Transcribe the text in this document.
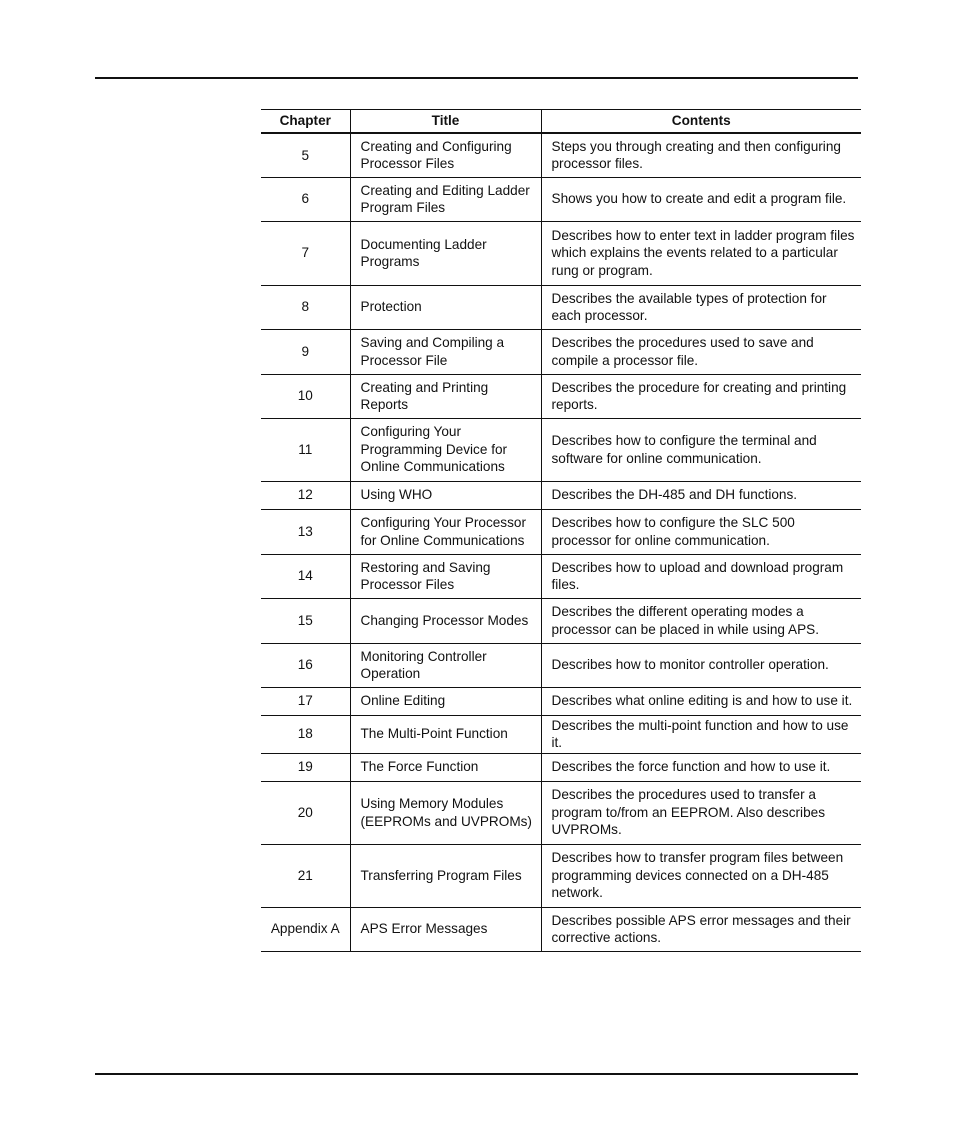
Chapter	Title	Contents
5	Creating and Configuring Processor Files	Steps you through creating and then configuring processor files.
6	Creating and Editing Ladder Program Files	Shows you how to create and edit a program file.
7	Documenting Ladder Programs	Describes how to enter text in ladder program files which explains the events related to a particular rung or program.
8	Protection	Describes the available types of protection for each processor.
9	Saving and Compiling a Processor File	Describes the procedures used to save and compile a processor file.
10	Creating and Printing Reports	Describes the procedure for creating and printing reports.
11	Configuring Your Programming Device for Online Communications	Describes how to configure the terminal and software for online communication.
12	Using WHO	Describes the DH-485 and DH functions.
13	Configuring Your Processor for Online Communications	Describes how to configure the SLC 500 processor for online communication.
14	Restoring and Saving Processor Files	Describes how to upload and download program files.
15	Changing Processor Modes	Describes the different operating modes a processor can be placed in while using APS.
16	Monitoring Controller Operation	Describes how to monitor controller operation.
17	Online Editing	Describes what online editing is and how to use it.
18	The Multi-Point Function	Describes the multi-point function and how to use it.
19	The Force Function	Describes the force function and how to use it.
20	Using Memory Modules (EEPROMs and UVPROMs)	Describes the procedures used to transfer a program to/from an EEPROM. Also describes UVPROMs.
21	Transferring Program Files	Describes how to transfer program files between programming devices connected on a DH-485 network.
Appendix A	APS Error Messages	Describes possible APS error messages and their corrective actions.
